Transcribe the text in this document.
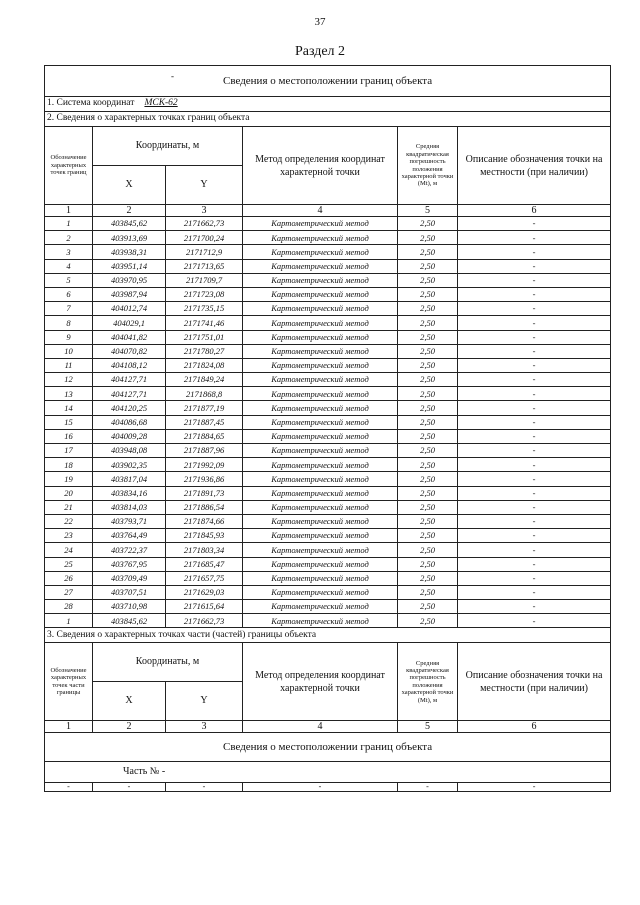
37
Раздел 2
- Сведения о местоположении границ объекта					
1. Система координат МСК-62					
2. Сведения о характерных точках границ объекта					
Обозначение характерных точек границ	Координаты, м		Метод определения координат характерной точки	Средняя квадратическая погрешность положения характерной точки (Mt), м	Описание обозначения точки на местности (при наличии)
	X	Y			
1	2	3	4	5	6
1	403845,62	2171662,73	Картометрический метод	2,50	-
2	403913,69	2171700,24	Картометрический метод	2,50	-
3	403938,31	2171712,9	Картометрический метод	2,50	-
4	403951,14	2171713,65	Картометрический метод	2,50	-
5	403970,95	2171709,7	Картометрический метод	2,50	-
6	403987,94	2171723,08	Картометрический метод	2,50	-
7	404012,74	2171735,15	Картометрический метод	2,50	-
8	404029,1	2171741,46	Картометрический метод	2,50	-
9	404041,82	2171751,01	Картометрический метод	2,50	-
10	404070,82	2171780,27	Картометрический метод	2,50	-
11	404108,12	2171824,08	Картометрический метод	2,50	-
12	404127,71	2171849,24	Картометрический метод	2,50	-
13	404127,71	2171868,8	Картометрический метод	2,50	-
14	404120,25	2171877,19	Картометрический метод	2,50	-
15	404086,68	2171887,45	Картометрический метод	2,50	-
16	404009,28	2171884,65	Картометрический метод	2,50	-
17	403948,08	2171887,96	Картометрический метод	2,50	-
18	403902,35	2171992,09	Картометрический метод	2,50	-
19	403817,04	2171936,86	Картометрический метод	2,50	-
20	403834,16	2171891,73	Картометрический метод	2,50	-
21	403814,03	2171886,54	Картометрический метод	2,50	-
22	403793,71	2171874,66	Картометрический метод	2,50	-
23	403764,49	2171845,93	Картометрический метод	2,50	-
24	403722,37	2171803,34	Картометрический метод	2,50	-
25	403767,95	2171685,47	Картометрический метод	2,50	-
26	403709,49	2171657,75	Картометрический метод	2,50	-
27	403707,51	2171629,03	Картометрический метод	2,50	-
28	403710,98	2171615,64	Картометрический метод	2,50	-
1	403845,62	2171662,73	Картометрический метод	2,50	-
3. Сведения о характерных точках части (частей) границы объекта					
Обозначение характерных точек части границы	Координаты, м		Метод определения координат характерной точки	Средняя квадратическая погрешность положения характерной точки (Mt), м	Описание обозначения точки на местности (при наличии)
	X	Y			
1	2	3	4	5	6
Сведения о местоположении границ объекта					
Часть № -					
-	-	-	-	-	-
